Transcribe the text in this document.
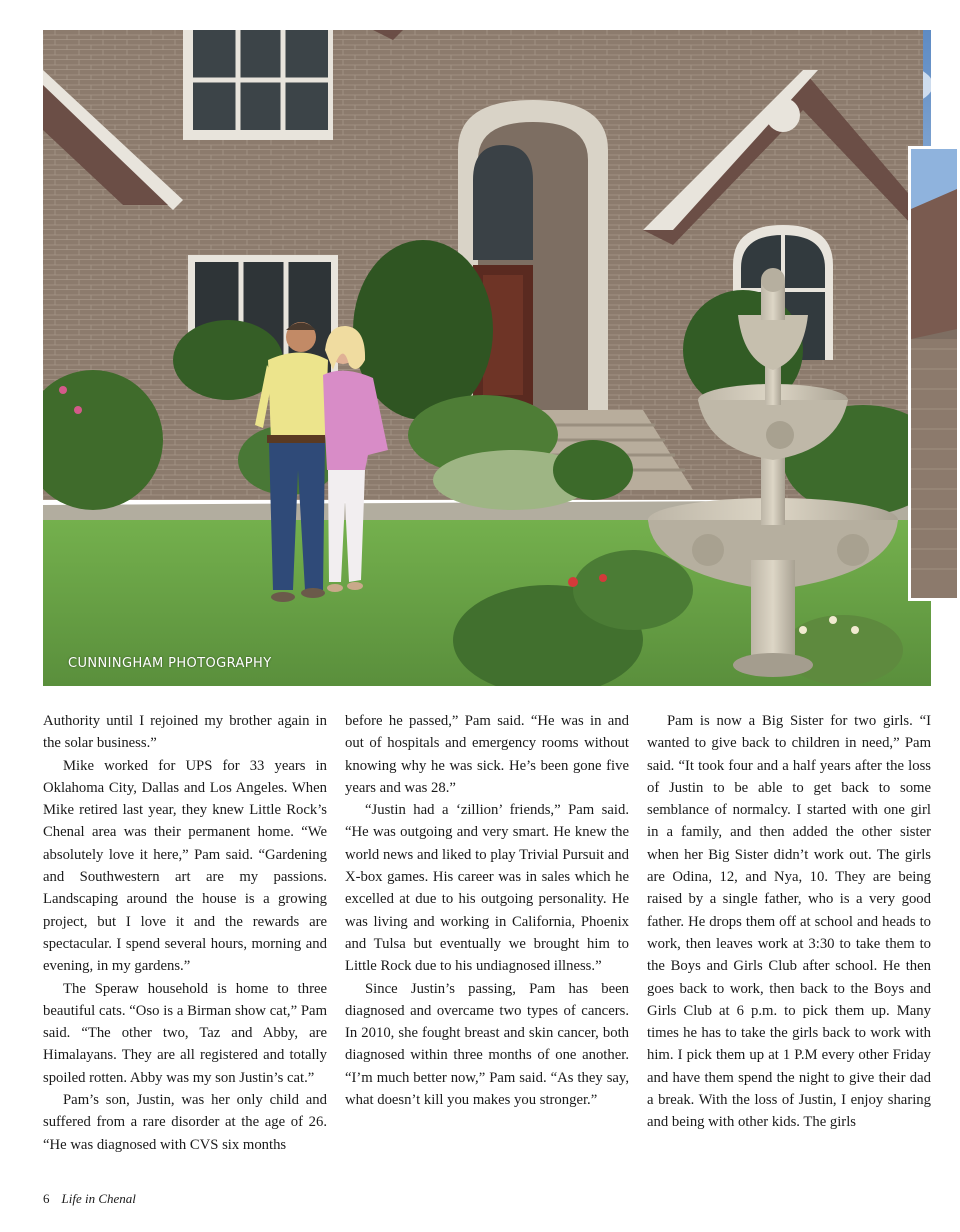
CUNNINGHAM PHOTOGRAPHY

Authority until I rejoined my brother again in the solar business.”

Mike worked for UPS for 33 years in Oklahoma City, Dallas and Los Angeles. When Mike retired last year, they knew Little Rock’s Chenal area was their permanent home. “We absolutely love it here,” Pam said. “Gardening and Southwestern art are my passions. Landscaping around the house is a growing project, but I love it and the rewards are spectacular. I spend several hours, morning and evening, in my gardens.”

The Speraw household is home to three beautiful cats. “Oso is a Birman show cat,” Pam said. “The other two, Taz and Abby, are Himalayans. They are all registered and totally spoiled rotten. Abby was my son Justin’s cat.”

Pam’s son, Justin, was her only child and suffered from a rare disorder at the age of 26. “He was diagnosed with CVS six months

before he passed,” Pam said. “He was in and out of hospitals and emergency rooms without knowing why he was sick. He’s been gone five years and was 28.”

“Justin had a ‘zillion’ friends,” Pam said. “He was outgoing and very smart. He knew the world news and liked to play Trivial Pursuit and X-box games. His career was in sales which he excelled at due to his outgoing personality. He was living and working in California, Phoenix and Tulsa but eventually we brought him to Little Rock due to his undiagnosed illness.”

Since Justin’s passing, Pam has been diagnosed and overcame two types of cancers. In 2010, she fought breast and skin cancer, both diagnosed within three months of one another. “I’m much better now,” Pam said. “As they say, what doesn’t kill you makes you stronger.”

Pam is now a Big Sister for two girls. “I wanted to give back to children in need,” Pam said. “It took four and a half years after the loss of Justin to be able to get back to some semblance of normalcy. I started with one girl in a family, and then added the other sister when her Big Sister didn’t work out. The girls are Odina, 12, and Nya, 10. They are being raised by a single father, who is a very good father. He drops them off at school and heads to work, then leaves work at 3:30 to take them to the Boys and Girls Club after school. He then goes back to work, then back to the Boys and Girls Club at 6 p.m. to pick them up. Many times he has to take the girls back to work with him. I pick them up at 1 P.M every other Friday and have them spend the night to give their dad a break. With the loss of Justin, I enjoy sharing and being with other kids. The girls

6 Life in Chenal
